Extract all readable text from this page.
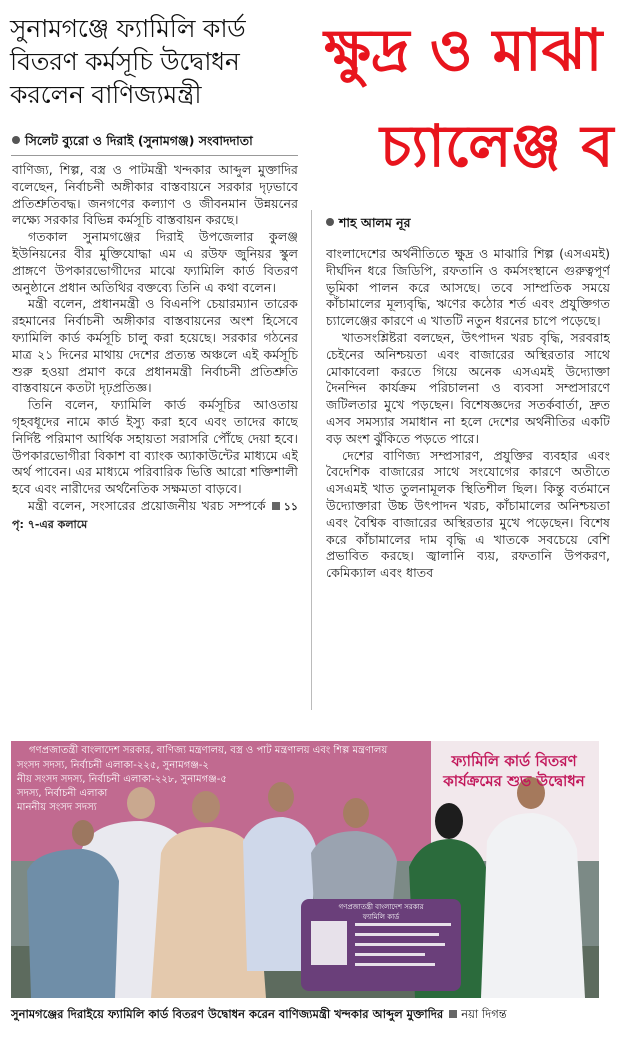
সুনামগঞ্জে ফ্যামিলি কার্ড বিতরণ কর্মসূচি উদ্বোধন করলেন বাণিজ্যমন্ত্রী
সিলেট ব্যুরো ও দিরাই (সুনামগঞ্জ) সংবাদদাতা

বাণিজ্য, শিল্প, বস্ত্র ও পাটমন্ত্রী খন্দকার আব্দুল মুক্তাদির বলেছেন, নির্বাচনী অঙ্গীকার বাস্তবায়নে সরকার দৃঢ়ভাবে প্রতিশ্রুতিবদ্ধ। জনগণের কল্যাণ ও জীবনমান উন্নয়নের লক্ষ্যে সরকার বিভিন্ন কর্মসূচি বাস্তবায়ন করছে।

গতকাল সুনামগঞ্জের দিরাই উপজেলার কুলঞ্জ ইউনিয়নের বীর মুক্তিযোদ্ধা এম এ রউফ জুনিয়র স্কুল প্রাঙ্গণে উপকারভোগীদের মাঝে ফ্যামিলি কার্ড বিতরণ অনুষ্ঠানে প্রধান অতিথির বক্তব্যে তিনি এ কথা বলেন।

মন্ত্রী বলেন, প্রধানমন্ত্রী ও বিএনপি চেয়ারম্যান তারেক রহমানের নির্বাচনী অঙ্গীকার বাস্তবায়নের অংশ হিসেবে ফ্যামিলি কার্ড কর্মসূচি চালু করা হয়েছে। সরকার গঠনের মাত্র ২১ দিনের মাথায় দেশের প্রত্যন্ত অঞ্চলে এই কর্মসূচি শুরু হওয়া প্রমাণ করে প্রধানমন্ত্রী নির্বাচনী প্রতিশ্রুতি বাস্তবায়নে কতটা দৃঢ়প্রতিজ্ঞ।

তিনি বলেন, ফ্যামিলি কার্ড কর্মসূচির আওতায় গৃহবধূদের নামে কার্ড ইস্যু করা হবে এবং তাদের কাছে নির্দিষ্ট পরিমাণ আর্থিক সহায়তা সরাসরি পৌঁছে দেয়া হবে। উপকারভোগীরা বিকাশ বা ব্যাংক অ্যাকাউন্টের মাধ্যমে এই অর্থ পাবেন। এর মাধ্যমে পরিবারিক ভিত্তি আরো শক্তিশালী হবে এবং নারীদের অর্থনৈতিক সক্ষমতা বাড়বে।

মন্ত্রী বলেন, সংসারের প্রয়োজনীয় খরচ সম্পর্কে ১১ পৃ: ৭-এর কলামে

ক্ষুদ্র ও মাঝা
চ্যালেঞ্জ ব
শাহ আলম নূর

বাংলাদেশের অর্থনীতিতে ক্ষুদ্র ও মাঝারি শিল্প (এসএমই) দীর্ঘদিন ধরে জিডিপি, রফতানি ও কর্মসংস্থানে গুরুত্বপূর্ণ ভূমিকা পালন করে আসছে। তবে সাম্প্রতিক সময়ে কাঁচামালের মূল্যবৃদ্ধি, ঋণের কঠোর শর্ত এবং প্রযুক্তিগত চ্যালেঞ্জের কারণে এ খাতটি নতুন ধরনের চাপে পড়েছে।

খাতসংশ্লিষ্টরা বলছেন, উৎপাদন খরচ বৃদ্ধি, সরবরাহ চেইনের অনিশ্চয়তা এবং বাজারের অস্থিরতার সাথে মোকাবেলা করতে গিয়ে অনেক এসএমই উদ্যোক্তা দৈনন্দিন কার্যক্রম পরিচালনা ও ব্যবসা সম্প্রসারণে জটিলতার মুখে পড়ছেন। বিশেষজ্ঞদের সতর্কবার্তা, দ্রুত এসব সমস্যার সমাধান না হলে দেশের অর্থনীতির একটি বড় অংশ ঝুঁকিতে পড়তে পারে।

দেশের বাণিজ্য সম্প্রসারণ, প্রযুক্তির ব্যবহার এবং বৈদেশিক বাজারের সাথে সংযোগের কারণে অতীতে এসএমই খাত তুলনামূলক স্থিতিশীল ছিল। কিন্তু বর্তমানে উদ্যোক্তারা উচ্চ উৎপাদন খরচ, কাঁচামালের অনিশ্চয়তা এবং বৈশ্বিক বাজারের অস্থিরতার মুখে পড়েছেন। বিশেষ করে কাঁচামালের দাম বৃদ্ধি এ খাতকে সবচেয়ে বেশি প্রভাবিত করছে। জ্বালানি ব্যয়, রফতানি উপকরণ, কেমিক্যাল এবং ধাতব

গণপ্রজাতন্ত্রী বাংলাদেশ সরকার, বাণিজ্য মন্ত্রণালয়, বস্ত্র ও পাট মন্ত্রণালয় এবং শিল্প মন্ত্রণালয়
সংসদ সদস্য, নির্বাচনী এলাকা-২২৫, সুনামগঞ্জ-২
নীয় সংসদ সদস্য, নির্বাচনী এলাকা-২২৮, সুনামগঞ্জ-৫
সদস্য, নির্বাচনী এলাকা
মাননীয় সংসদ সদস্য
ফ্যামিলি কার্ড বিতরণ কার্যক্রমের শুভ উদ্বোধন
গণপ্রজাতন্ত্রী বাংলাদেশ সরকার
ফ্যামিলি কার্ড
সুনামগঞ্জের দিরাইয়ে ফ্যামিলি কার্ড বিতরণ উদ্বোধন করেন বাণিজ্যমন্ত্রী খন্দকার আব্দুল মুক্তাদির নয়া দিগন্ত
